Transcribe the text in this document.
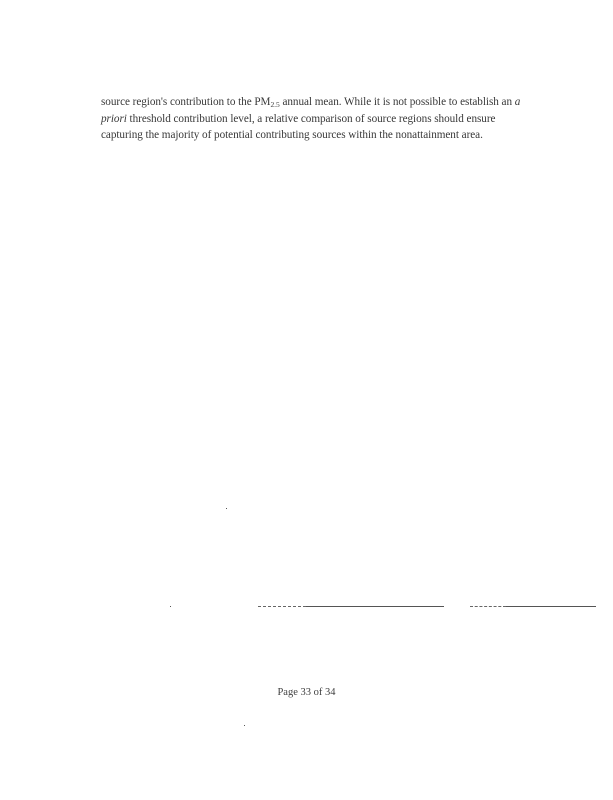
source region's contribution to the $PM_{2.5}$ annual mean. While it is not possible to establish an a
priori threshold contribution level, a relative comparison of source regions should ensure
capturing the majority of potential contributing sources within the nonattainment area.
Page 33 of 34
